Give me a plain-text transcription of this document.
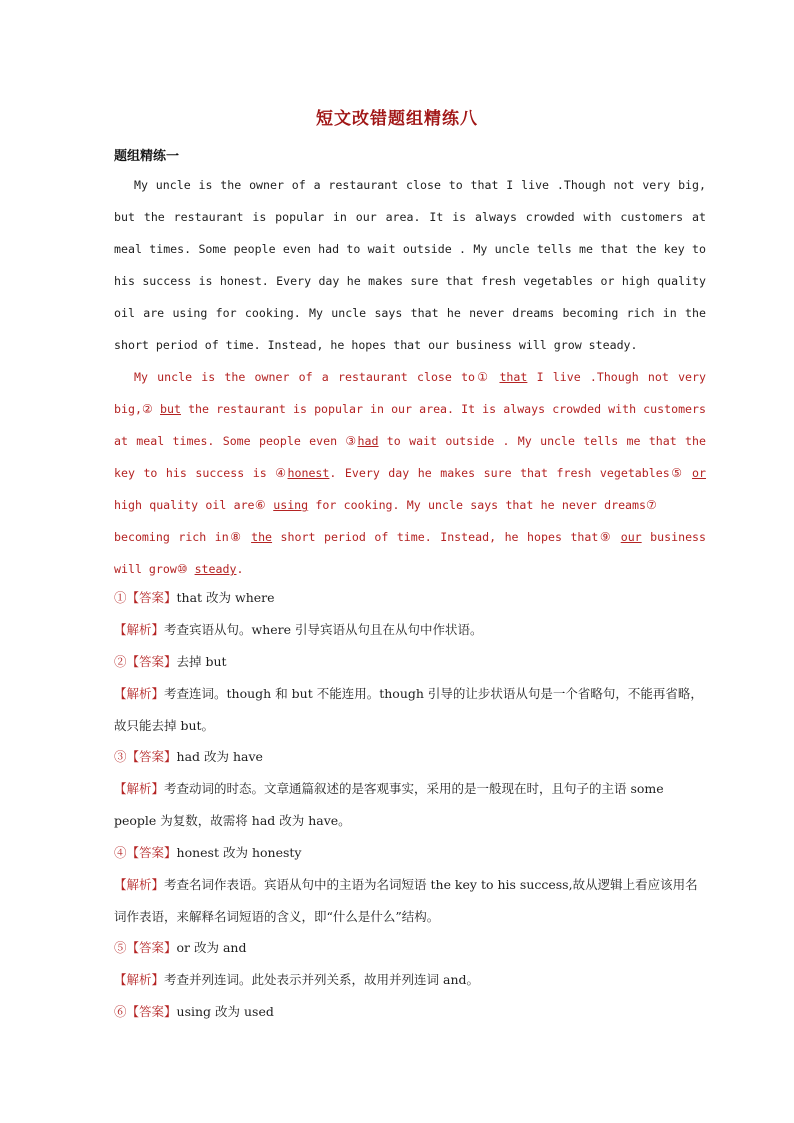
短文改错题组精练八
题组精练一
My uncle is the owner of a restaurant close to that I live .Though not very big, but the restaurant is popular in our area. It is always crowded with customers at meal times. Some people even had to wait outside . My uncle tells me that the key to his success is honest. Every day he makes sure that fresh vegetables or high quality oil are using for cooking. My uncle says that he never dreams becoming rich in the short period of time. Instead, he hopes that our business will grow steady.
My uncle is the owner of a restaurant close to① that I live .Though not very big,② but the restaurant is popular in our area. It is always crowded with customers at meal times. Some people even ③had to wait outside . My uncle tells me that the key to his success is ④honest. Every day he makes sure that fresh vegetables⑤ or high quality oil are⑥ using for cooking. My uncle says that he never dreams⑦becoming rich in⑧ the short period of time. Instead, he hopes that⑨ our business will grow⑩ steady.
①【答案】that 改为 where
【解析】考查宾语从句。where 引导宾语从句且在从句中作状语。
②【答案】去掉 but
【解析】考查连词。though 和 but 不能连用。though 引导的让步状语从句是一个省略句，不能再省略，故只能去掉 but。
③【答案】had 改为 have
【解析】考查动词的时态。文章通篇叙述的是客观事实，采用的是一般现在时，且句子的主语 some people 为复数，故需将 had 改为 have。
④【答案】honest 改为 honesty
【解析】考查名词作表语。宾语从句中的主语为名词短语 the key to his success,故从逻辑上看应该用名词作表语，来解释名词短语的含义，即“什么是什么”结构。
⑤【答案】or 改为 and
【解析】考查并列连词。此处表示并列关系，故用并列连词 and。
⑥【答案】using 改为 used
